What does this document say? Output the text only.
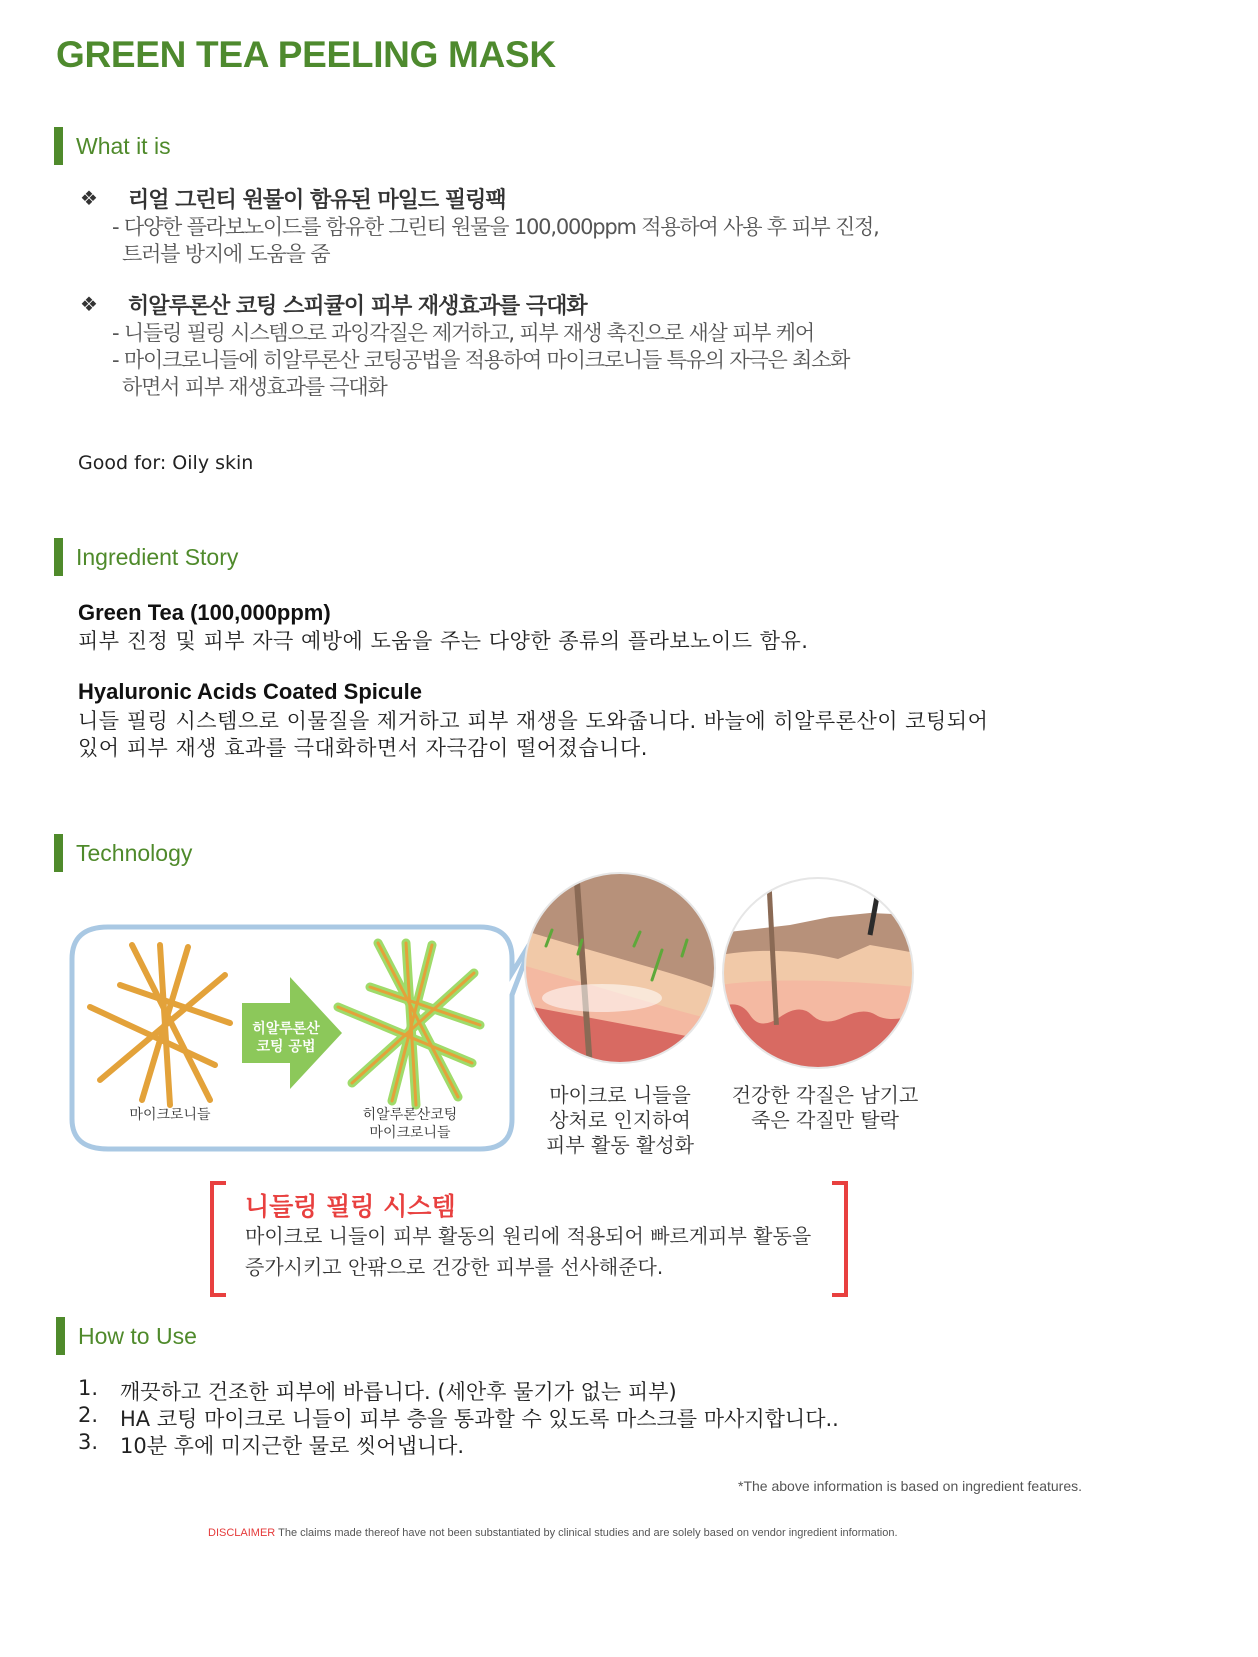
GREEN TEA PEELING MASK
What it is
❖ 리얼 그린티 원물이 함유된 마일드 필링팩
- 다양한 플라보노이드를 함유한 그린티 원물을 100,000ppm 적용하여 사용 후 피부 진정,
트러블 방지에 도움을 줌
❖ 히알루론산 코팅 스피큘이 피부 재생효과를 극대화
- 니들링 필링 시스템으로 과잉각질은 제거하고, 피부 재생 촉진으로 새살 피부 케어
- 마이크로니들에 히알루론산 코팅공법을 적용하여 마이크로니들 특유의 자극은 최소화
하면서 피부 재생효과를 극대화
Good for: Oily skin
Ingredient Story
Green Tea (100,000ppm)
피부 진정 및 피부 자극 예방에 도움을 주는 다양한 종류의 플라보노이드 함유.
Hyaluronic Acids Coated Spicule
니들 필링 시스템으로 이물질을 제거하고 피부 재생을 도와줍니다. 바늘에 히알루론산이 코팅되어
있어 피부 재생 효과를 극대화하면서 자극감이 떨어졌습니다.
Technology
마이크로니들
히알루론산
코팅 공법
히알루론산코팅
마이크로니들
마이크로 니들을
상처로 인지하여
피부 활동 활성화
건강한 각질은 남기고
죽은 각질만 탈락
니들링 필링 시스템
마이크로 니들이 피부 활동의 원리에 적용되어 빠르게피부 활동을
증가시키고 안팎으로 건강한 피부를 선사해준다.
How to Use
1. 깨끗하고 건조한 피부에 바릅니다. (세안후 물기가 없는 피부)
2. HA 코팅 마이크로 니들이 피부 층을 통과할 수 있도록 마스크를 마사지합니다..
3. 10분 후에 미지근한 물로 씻어냅니다.
*The above information is based on ingredient features.
DISCLAIMER The claims made thereof have not been substantiated by clinical studies and are solely based on vendor ingredient information.
